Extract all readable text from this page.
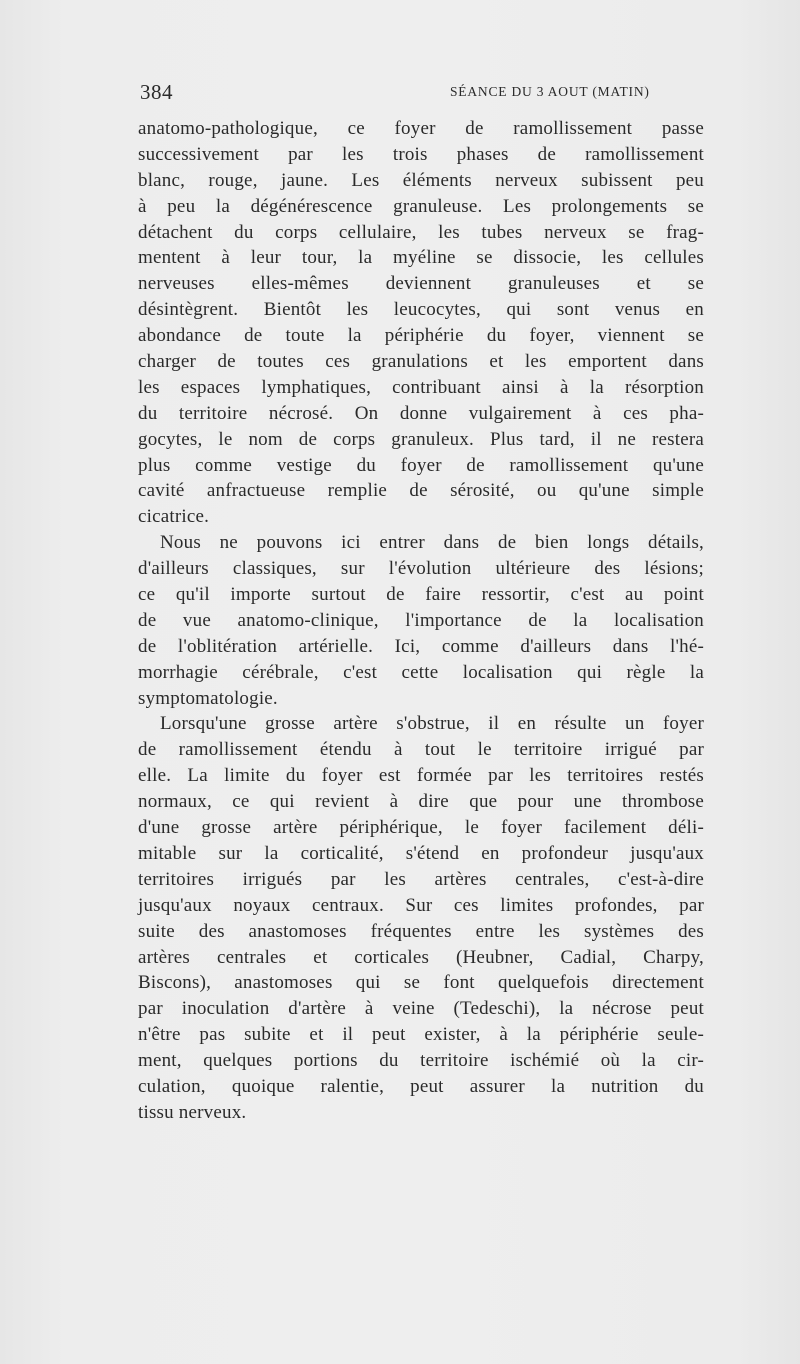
384	SÉANCE DU 3 AOUT (MATIN)
anatomo-pathologique, ce foyer de ramollissement passe
successivement par les trois phases de ramollissement
blanc, rouge, jaune. Les éléments nerveux subissent peu
à peu la dégénérescence granuleuse. Les prolongements se
détachent du corps cellulaire, les tubes nerveux se frag-
mentent à leur tour, la myéline se dissocie, les cellules
nerveuses elles-mêmes deviennent granuleuses et se
désintègrent. Bientôt les leucocytes, qui sont venus en
abondance de toute la périphérie du foyer, viennent se
charger de toutes ces granulations et les emportent dans
les espaces lymphatiques, contribuant ainsi à la résorption
du territoire nécrosé. On donne vulgairement à ces pha-
gocytes, le nom de corps granuleux. Plus tard, il ne restera
plus comme vestige du foyer de ramollissement qu'une
cavité anfractueuse remplie de sérosité, ou qu'une simple
cicatrice.
Nous ne pouvons ici entrer dans de bien longs détails,
d'ailleurs classiques, sur l'évolution ultérieure des lésions;
ce qu'il importe surtout de faire ressortir, c'est au point
de vue anatomo-clinique, l'importance de la localisation
de l'oblitération artérielle. Ici, comme d'ailleurs dans l'hé-
morrhagie cérébrale, c'est cette localisation qui règle la
symptomatologie.
Lorsqu'une grosse artère s'obstrue, il en résulte un foyer
de ramollissement étendu à tout le territoire irrigué par
elle. La limite du foyer est formée par les territoires restés
normaux, ce qui revient à dire que pour une thrombose
d'une grosse artère périphérique, le foyer facilement déli-
mitable sur la corticalité, s'étend en profondeur jusqu'aux
territoires irrigués par les artères centrales, c'est-à-dire
jusqu'aux noyaux centraux. Sur ces limites profondes, par
suite des anastomoses fréquentes entre les systèmes des
artères centrales et corticales (Heubner, Cadial, Charpy,
Biscons), anastomoses qui se font quelquefois directement
par inoculation d'artère à veine (Tedeschi), la nécrose peut
n'être pas subite et il peut exister, à la périphérie seule-
ment, quelques portions du territoire ischémié où la cir-
culation, quoique ralentie, peut assurer la nutrition du
tissu nerveux.
